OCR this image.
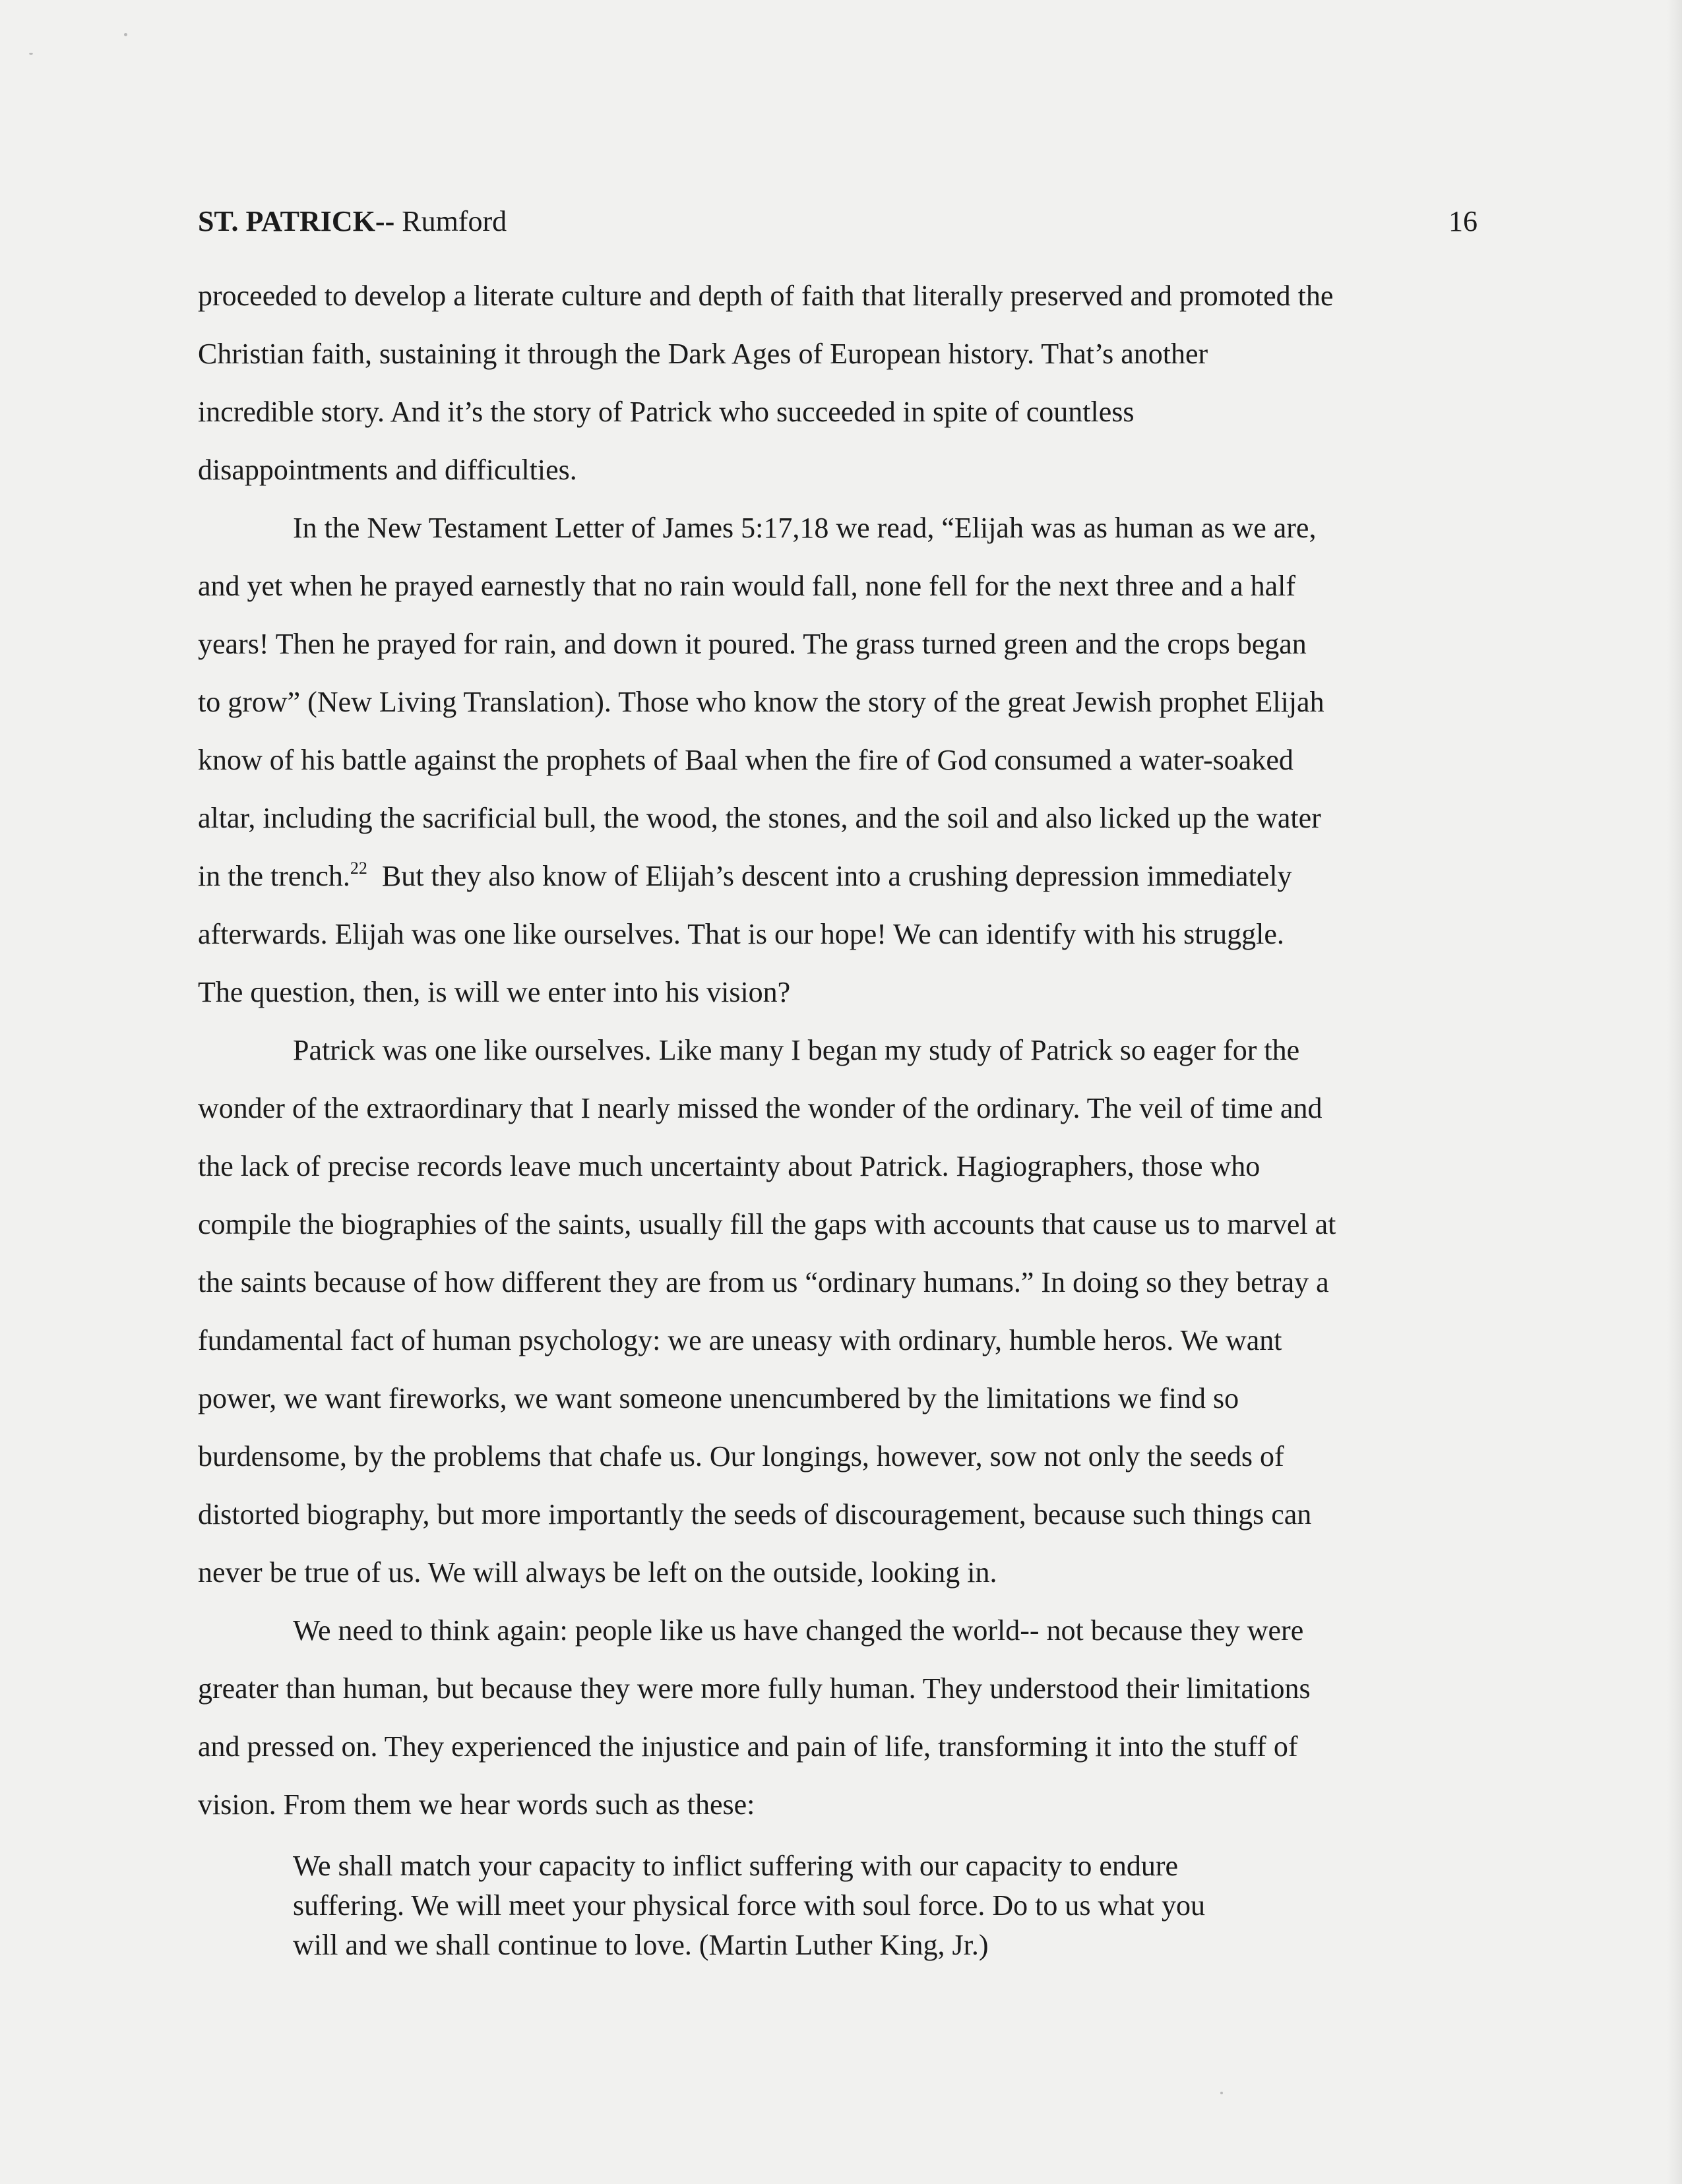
ST. PATRICK-- Rumford	16
proceeded to develop a literate culture and depth of faith that literally preserved and promoted the
Christian faith, sustaining it through the Dark Ages of European history. That’s another
incredible story. And it’s the story of Patrick who succeeded in spite of countless
disappointments and difficulties.
In the New Testament Letter of James 5:17,18 we read, “Elijah was as human as we are,
and yet when he prayed earnestly that no rain would fall, none fell for the next three and a half
years! Then he prayed for rain, and down it poured. The grass turned green and the crops began
to grow” (New Living Translation). Those who know the story of the great Jewish prophet Elijah
know of his battle against the prophets of Baal when the fire of God consumed a water-soaked
altar, including the sacrificial bull, the wood, the stones, and the soil and also licked up the water
in the trench.$^{22}$  But they also know of Elijah’s descent into a crushing depression immediately
afterwards. Elijah was one like ourselves. That is our hope! We can identify with his struggle.
The question, then, is will we enter into his vision?
Patrick was one like ourselves. Like many I began my study of Patrick so eager for the
wonder of the extraordinary that I nearly missed the wonder of the ordinary. The veil of time and
the lack of precise records leave much uncertainty about Patrick. Hagiographers, those who
compile the biographies of the saints, usually fill the gaps with accounts that cause us to marvel at
the saints because of how different they are from us “ordinary humans.” In doing so they betray a
fundamental fact of human psychology: we are uneasy with ordinary, humble heros. We want
power, we want fireworks, we want someone unencumbered by the limitations we find so
burdensome, by the problems that chafe us. Our longings, however, sow not only the seeds of
distorted biography, but more importantly the seeds of discouragement, because such things can
never be true of us. We will always be left on the outside, looking in.
We need to think again: people like us have changed the world-- not because they were
greater than human, but because they were more fully human. They understood their limitations
and pressed on. They experienced the injustice and pain of life, transforming it into the stuff of
vision. From them we hear words such as these:
We shall match your capacity to inflict suffering with our capacity to endure
suffering. We will meet your physical force with soul force. Do to us what you
will and we shall continue to love. (Martin Luther King, Jr.)
